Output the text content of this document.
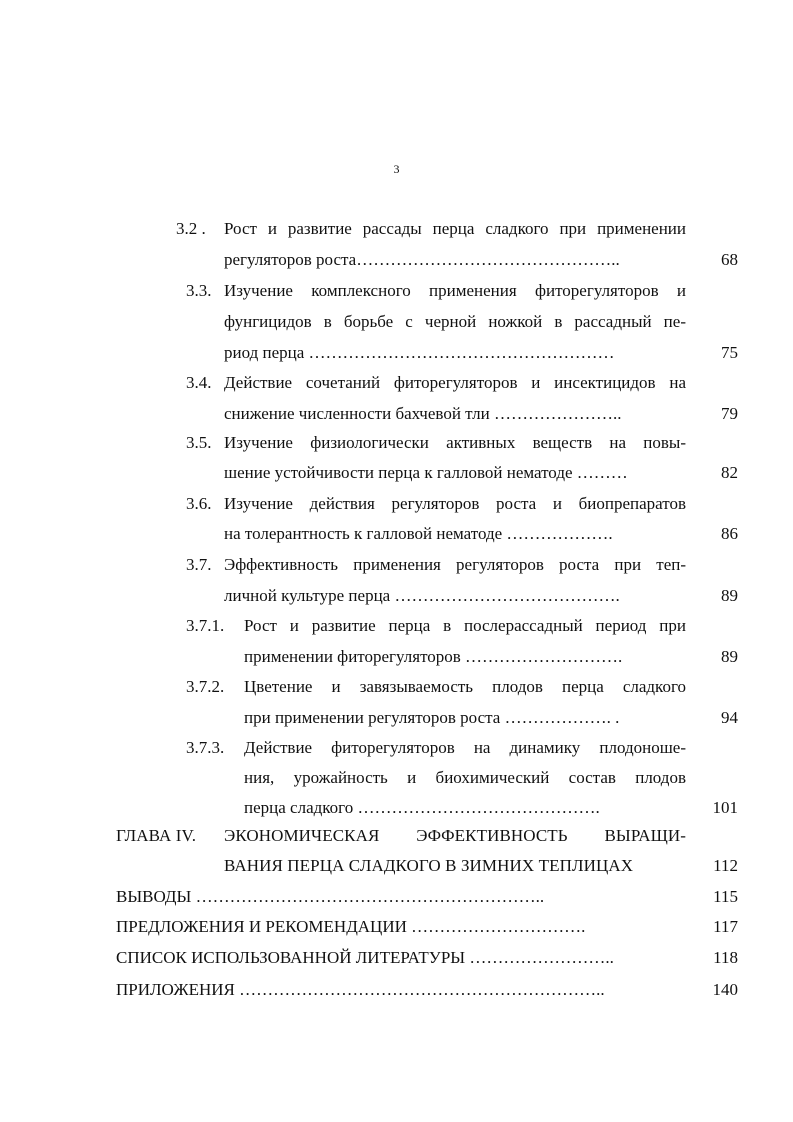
3
3.2 . Рост и развитие рассады перца сладкого при применении
регуляторов роста………………………………………..	68
3.3. Изучение комплексного применения фиторегуляторов и
фунгицидов в борьбе с черной ножкой в рассадный пе-
риод перца ………………………………………………	75
3.4. Действие сочетаний фиторегуляторов и инсектицидов на
снижение численности бахчевой тли …………………..	79
3.5. Изучение физиологически активных веществ на повы-
шение устойчивости перца к галловой нематоде ………	82
3.6. Изучение действия регуляторов роста и биопрепаратов
на толерантность к галловой нематоде ……………….	86
3.7. Эффективность применения регуляторов роста при теп-
личной культуре перца ………………………………….	89
3.7.1. Рост и развитие перца в послерассадный период при
применении фиторегуляторов ……………………….	89
3.7.2. Цветение и завязываемость плодов перца сладкого
при применении регуляторов роста ………………. .	94
3.7.3. Действие фиторегуляторов на динамику плодоноше-
ния, урожайность и биохимический состав плодов
перца сладкого …………………………………….	101
ГЛАВА IV. ЭКОНОМИЧЕСКАЯ ЭФФЕКТИВНОСТЬ ВЫРАЩИ-
ВАНИЯ ПЕРЦА СЛАДКОГО В ЗИМНИХ ТЕПЛИЦАХ	112
ВЫВОДЫ ……………………………………………………..	115
ПРЕДЛОЖЕНИЯ И РЕКОМЕНДАЦИИ ………………………….	117
СПИСОК ИСПОЛЬЗОВАННОЙ ЛИТЕРАТУРЫ ……………………..	118
ПРИЛОЖЕНИЯ ………………………………………………………..	140
